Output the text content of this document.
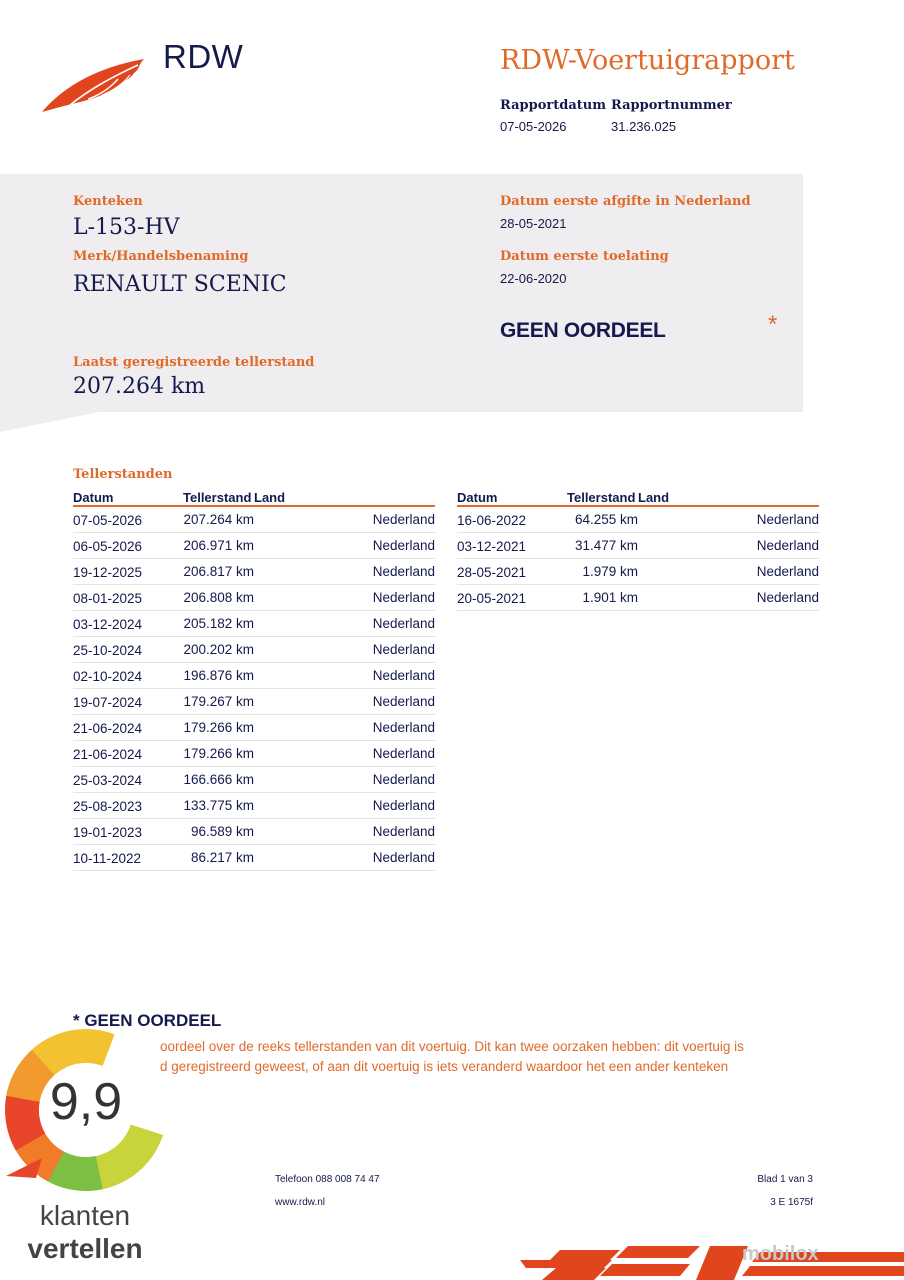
RDW	RDW-Voertuigrapport
Rapportdatum
07-05-2026
Rapportnummer
31.236.025
Kenteken
L-153-HV
Merk/Handelsbenaming
RENAULT SCENIC
Laatst geregistreerde tellerstand
207.264 km
Datum eerste afgifte in Nederland
28-05-2021
Datum eerste toelating
22-06-2020
GEEN OORDEEL	*
Tellerstanden
Datum	Tellerstand	Land
07-05-2026	207.264 km	Nederland
06-05-2026	206.971 km	Nederland
19-12-2025	206.817 km	Nederland
08-01-2025	206.808 km	Nederland
03-12-2024	205.182 km	Nederland
25-10-2024	200.202 km	Nederland
02-10-2024	196.876 km	Nederland
19-07-2024	179.267 km	Nederland
21-06-2024	179.266 km	Nederland
21-06-2024	179.266 km	Nederland
25-03-2024	166.666 km	Nederland
25-08-2023	133.775 km	Nederland
19-01-2023	96.589 km	Nederland
10-11-2022	86.217 km	Nederland
Datum	Tellerstand	Land
16-06-2022	64.255 km	Nederland
03-12-2021	31.477 km	Nederland
28-05-2021	1.979 km	Nederland
20-05-2021	1.901 km	Nederland
* GEEN OORDEEL
oordeel over de reeks tellerstanden van dit voertuig. Dit kan twee oorzaken hebben: dit voertuig is
d geregistreerd geweest, of aan dit voertuig is iets veranderd waardoor het een ander kenteken
Telefoon 088 008 74 47
www.rdw.nl
Blad 1 van 3
3 E 1675f
9,9
klanten
vertellen	mobilox
